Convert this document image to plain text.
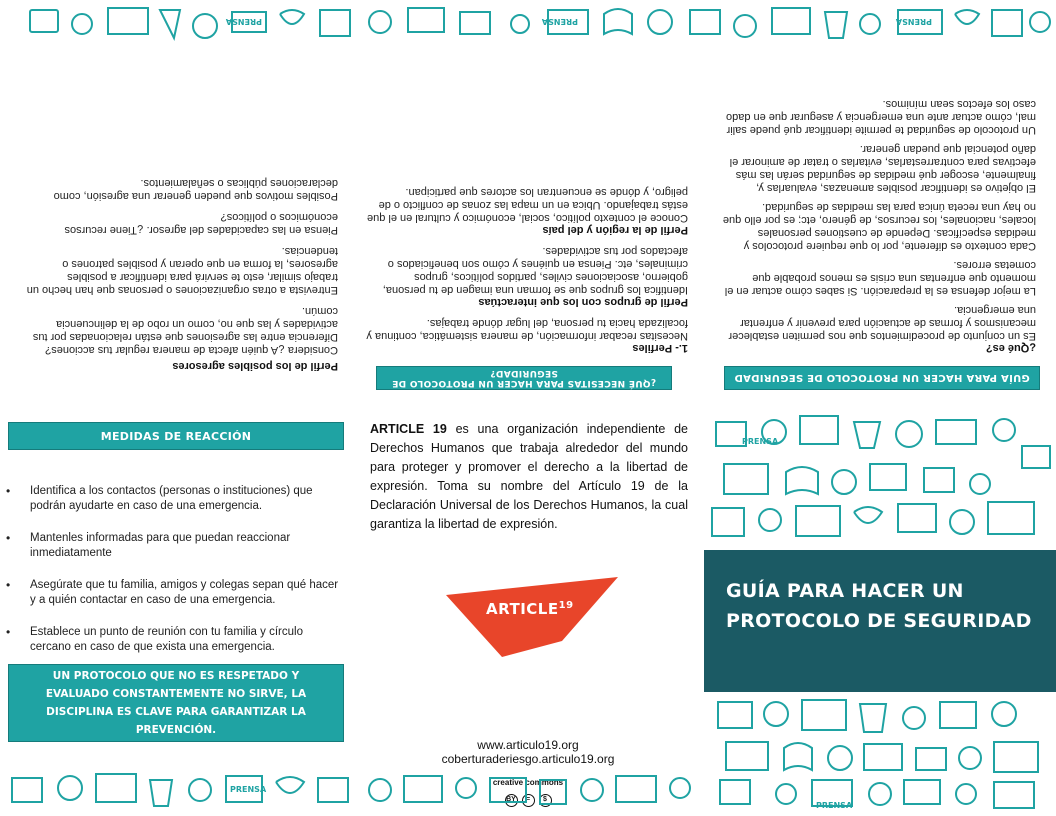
PRENSA	PRENSA	PRENSA
Perfil de los posibles agresores
Considera ¿A quién afecta de manera regular tus acciones? Diferencia entre las agresiones que están relacionadas por tus actividades y las que no, como un robo de la delincuencia común.
Entrevista a otras organizaciones o personas que han hecho un trabajo similar, esto te servirá para identificar a posibles agresores, la forma en que operan y posibles patrones o tendencias.
Piensa en las capacidades del agresor. ¿Tiene recursos económicos o políticos?
Posibles motivos que pueden generar una agresión, como declaraciones públicas o señalamientos.
¿QUÉ NECESITAS PARA HACER UN PROTOCOLO DE SEGURIDAD?
1.- Perfiles
Necesitas recabar información, de manera sistemática, continua y focalizada hacia tu persona, del lugar dónde trabajas.
Perfil de grupos con los que interactúas
Identifica los grupos que se forman una imagen de tu persona, gobierno, asociaciones civiles, partidos políticos, grupos criminales, etc. Piensa en quiénes y cómo son beneficiados o afectados por tus actividades.
Perfil de la región y del país
Conoce el contexto político, social, económico y cultural en el que estás trabajando. Ubica en un mapa las zonas de conflicto o de peligro, y dónde se encuentran los actores que participan.
GUÍA PARA HACER UN PROTOCOLO DE SEGURIDAD
¿Qué es?
Es un conjunto de procedimientos que nos permiten establecer mecanismos y formas de actuación para prevenir y enfrentar una emergencia.
La mejor defensa es la preparación. Si sabes cómo actuar en el momento que enfrentas una crisis es menos probable que cometas errores.
Cada contexto es diferente, por lo que requiere protocolos y medidas específicas. Depende de cuestiones personales locales, nacionales, los recursos, de género, etc; es por ello que no hay una receta única para las medidas de seguridad.
El objetivo es identificar posibles amenazas, evaluarlas y, finalmente, escoger qué medidas de seguridad serán las más efectivas para contrarrestarlas, evitarlas o tratar de aminorar el daño potencial que puedan generar.
Un protocolo de seguridad te permite identificar qué puede salir mal, cómo actuar ante una emergencia y asegurar que en dado caso los efectos sean mínimos.
MEDIDAS DE REACCIÓN
• Identifica a los contactos (personas o instituciones) que podrán ayudarte en caso de una emergencia.
• Mantenles informadas para que puedan reaccionar inmediatamente
• Asegúrate que tu familia, amigos y colegas sepan qué hacer y a quién contactar en caso de una emergencia.
• Establece un punto de reunión con tu familia y círculo cercano en caso de que exista una emergencia.
UN PROTOCOLO QUE NO ES RESPETADO Y EVALUADO CONSTANTEMENTE NO SIRVE, LA DISCIPLINA ES CLAVE PARA GARANTIZAR LA PREVENCIÓN.
ARTICLE 19 es una organización independiente de Derechos Humanos que trabaja alrededor del mundo para proteger y promover el derecho a la libertad de expresión. Toma su nombre del Artículo 19 de la Declaración Universal de los Derechos Humanos, la cual garantiza la libertad de expresión.
ARTICLE$^{19}$
www.articulo19.org
coberturaderiesgo.articulo19.org
creative commons
BY	=	$
PRENSA
PRENSA
GUÍA PARA HACER UN
PROTOCOLO DE SEGURIDAD
PRENSA
